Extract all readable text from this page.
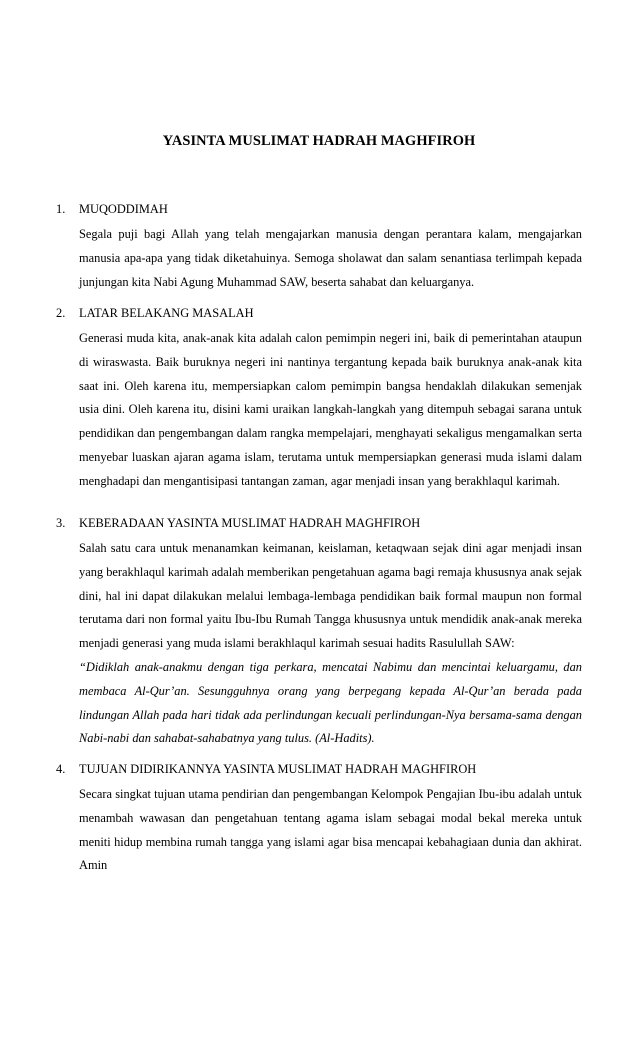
YASINTA MUSLIMAT HADRAH MAGHFIROH
1. MUQODDIMAH
Segala puji bagi Allah yang telah mengajarkan manusia dengan perantara kalam, mengajarkan manusia apa-apa yang tidak diketahuinya. Semoga sholawat dan salam senantiasa terlimpah kepada junjungan kita Nabi Agung Muhammad SAW, beserta sahabat dan keluarganya.
2. LATAR BELAKANG MASALAH
Generasi muda kita, anak-anak kita adalah calon pemimpin negeri ini, baik di pemerintahan ataupun di wiraswasta. Baik buruknya negeri ini nantinya tergantung kepada baik buruknya anak-anak kita saat ini. Oleh karena itu, mempersiapkan calom pemimpin bangsa hendaklah dilakukan semenjak usia dini. Oleh karena itu, disini kami uraikan langkah-langkah yang ditempuh sebagai sarana untuk pendidikan dan pengembangan dalam rangka mempelajari, menghayati sekaligus mengamalkan serta menyebar luaskan ajaran agama islam, terutama untuk mempersiapkan generasi muda islami dalam menghadapi dan mengantisipasi tantangan zaman, agar menjadi insan yang berakhlaqul karimah.
3. KEBERADAAN YASINTA MUSLIMAT HADRAH MAGHFIROH
Salah satu cara untuk menanamkan keimanan, keislaman, ketaqwaan sejak dini agar menjadi insan yang berakhlaqul karimah adalah memberikan pengetahuan agama bagi remaja khususnya anak sejak dini, hal ini dapat dilakukan melalui lembaga-lembaga pendidikan baik formal maupun non formal terutama dari non formal yaitu Ibu-Ibu Rumah Tangga khususnya untuk mendidik anak-anak mereka menjadi generasi yang muda islami berakhlaqul karimah sesuai hadits Rasulullah SAW:
“Didiklah anak-anakmu dengan tiga perkara, mencatai Nabimu dan mencintai keluargamu, dan membaca Al-Qur’an. Sesungguhnya orang yang berpegang kepada Al-Qur’an berada pada lindungan Allah pada hari tidak ada perlindungan kecuali perlindungan-Nya bersama-sama dengan Nabi-nabi dan sahabat-sahabatnya yang tulus. (Al-Hadits).
4. TUJUAN DIDIRIKANNYA YASINTA MUSLIMAT HADRAH MAGHFIROH
Secara singkat tujuan utama pendirian dan pengembangan Kelompok Pengajian Ibu-ibu adalah untuk menambah wawasan dan pengetahuan tentang agama islam sebagai modal bekal mereka untuk meniti hidup membina rumah tangga yang islami agar bisa mencapai kebahagiaan dunia dan akhirat. Amin
